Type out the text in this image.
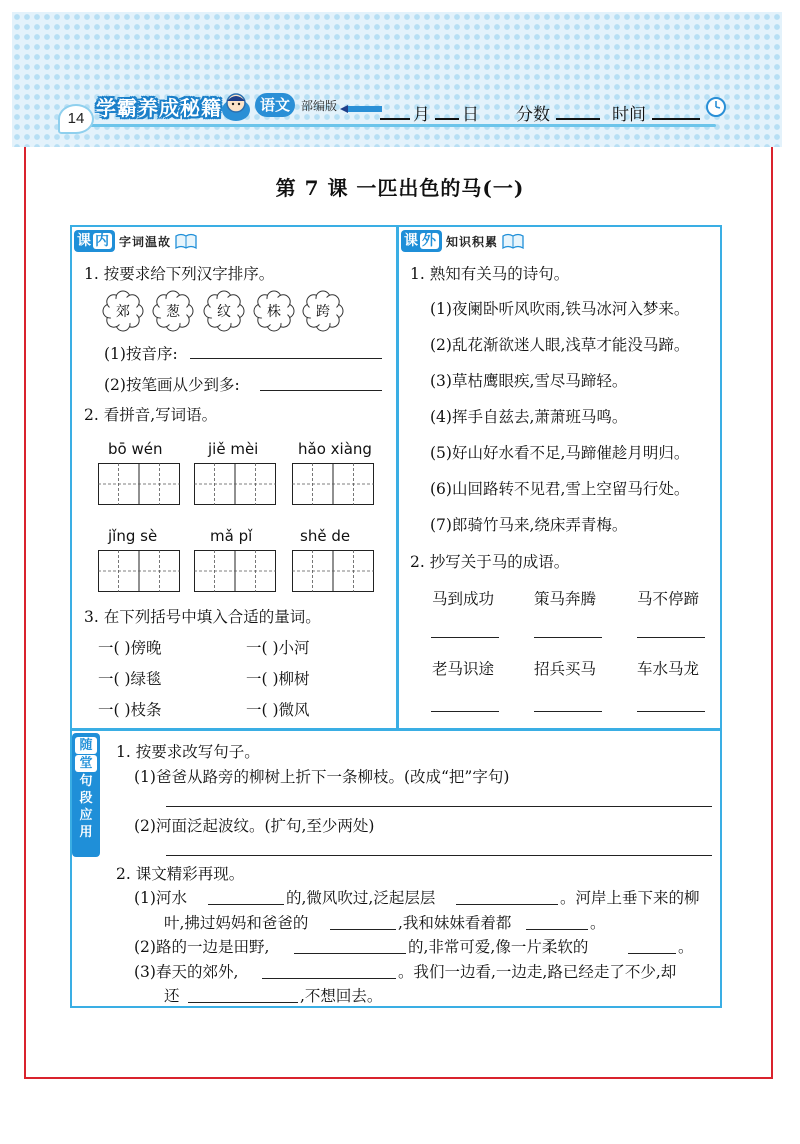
14 学霸养成秘籍	语文 部编版	月 日 分数	时间
第 7 课 一匹出色的马(一)
课 内 字词温故
1. 按要求给下列汉字排序。
郊	葱	纹	株	跨
(1)按音序:
(2)按笔画从少到多:
2. 看拼音,写词语。
bō wén	jiě mèi	hǎo xiàng
jǐng sè	mǎ pǐ	shě de
3. 在下列括号中填入合适的量词。
一( )傍晚	一( )小河
一( )绿毯	一( )柳树
一( )枝条	一( )微风
课 外 知识积累
1. 熟知有关马的诗句。
(1)夜阑卧听风吹雨,铁马冰河入梦来。
(2)乱花渐欲迷人眼,浅草才能没马蹄。
(3)草枯鹰眼疾,雪尽马蹄轻。
(4)挥手自兹去,萧萧班马鸣。
(5)好山好水看不足,马蹄催趁月明归。
(6)山回路转不见君,雪上空留马行处。
(7)郎骑竹马来,绕床弄青梅。
2. 抄写关于马的成语。
马到成功	策马奔腾	马不停蹄
老马识途	招兵买马	车水马龙
随
堂
句
段
应
用
1. 按要求改写句子。
(1)爸爸从路旁的柳树上折下一条柳枝。(改成“把”字句)
(2)河面泛起波纹。(扩句,至少两处)
2. 课文精彩再现。
(1)河水	的,微风吹过,泛起层层	。河岸上垂下来的柳
叶,拂过妈妈和爸爸的	,我和妹妹看着都	。
(2)路的一边是田野,	的,非常可爱,像一片柔软的	。
(3)春天的郊外,	。我们一边看,一边走,路已经走了不少,却
还	,不想回去。
